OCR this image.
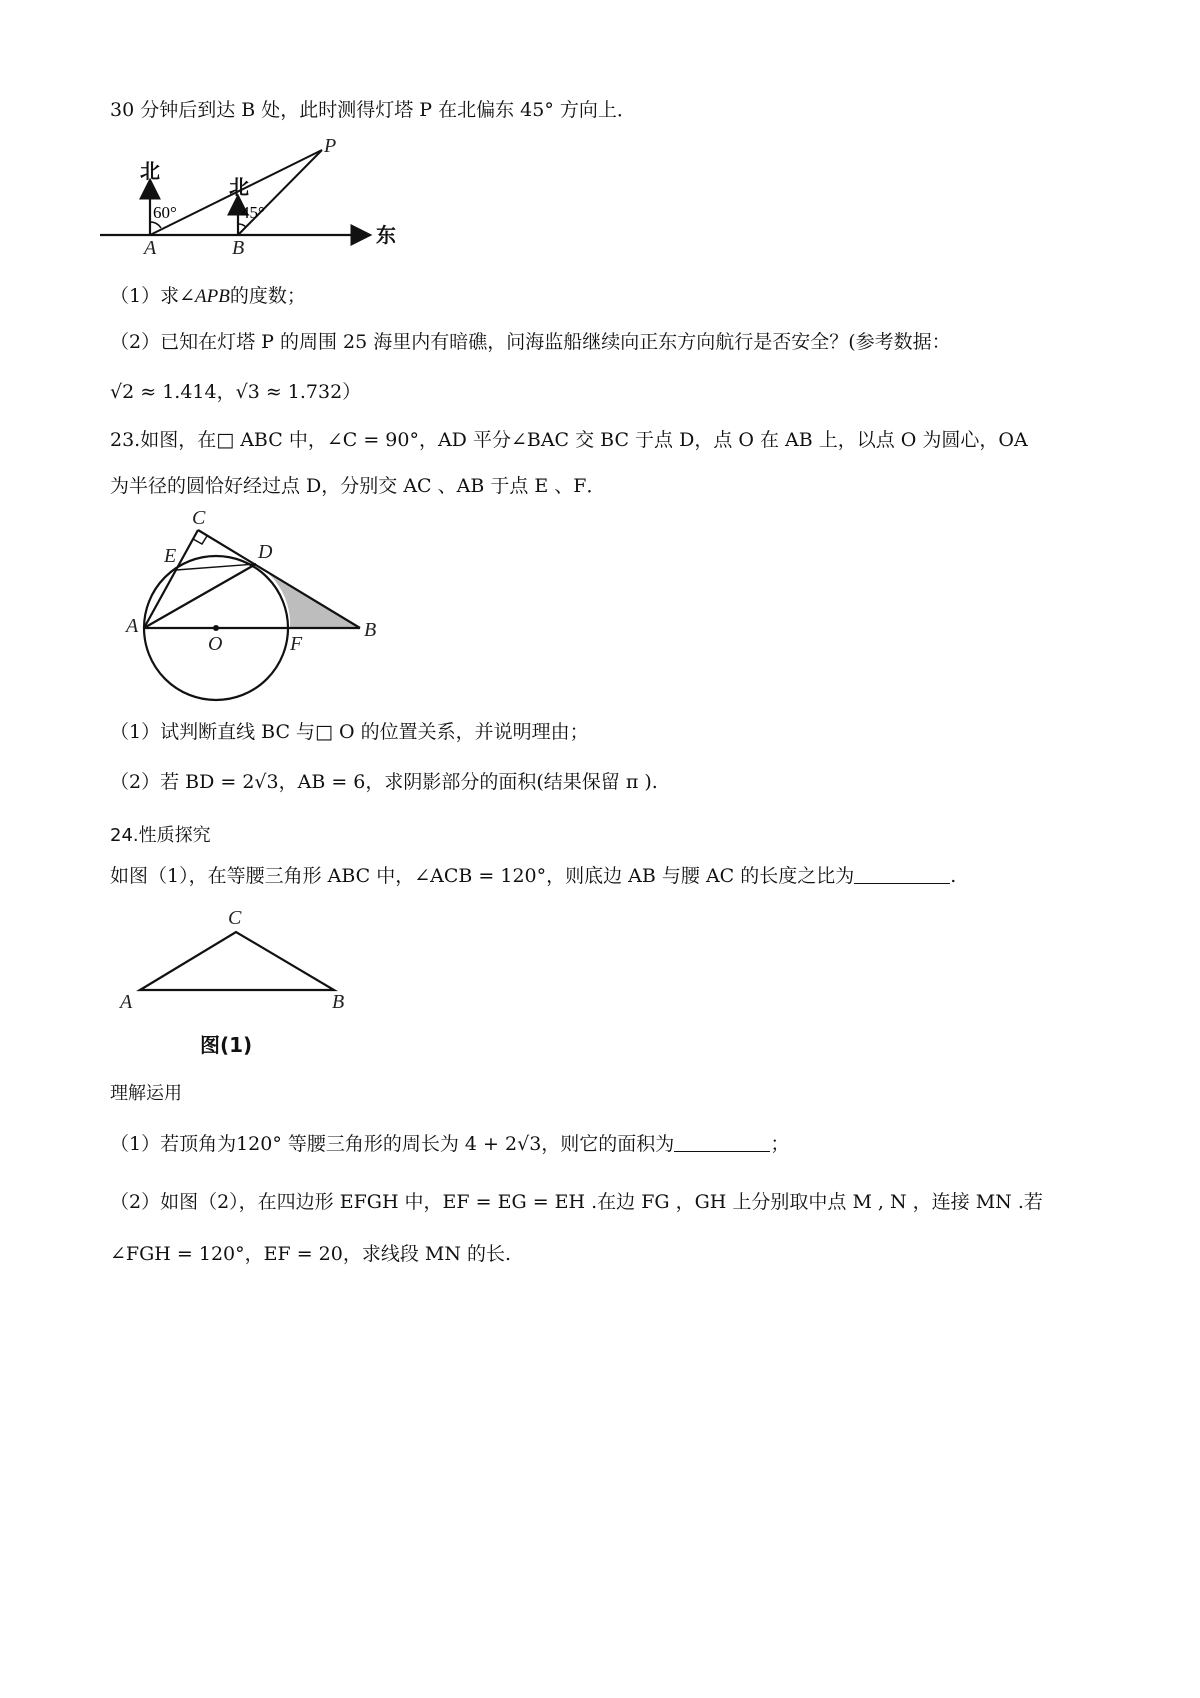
30 分钟后到达 B 处，此时测得灯塔 P 在北偏东 45° 方向上．
北
北
60°	45°
A	B
P
东
（1）求∠APB的度数；
（2）已知在灯塔 P 的周围 25 海里内有暗礁，问海监船继续向正东方向航行是否安全？(参考数据：
√2 ≈ 1.414，√3 ≈ 1.732）
23.如图，在□ ABC 中，∠C = 90°，AD 平分∠BAC 交 BC 于点 D，点 O 在 AB 上，以点 O 为圆心，OA
为半径的圆恰好经过点 D，分别交 AC 、AB 于点 E 、F．
C
E	D
A
O	F
B
（1）试判断直线 BC 与□ O 的位置关系，并说明理由；
（2）若 BD = 2√3，AB = 6，求阴影部分的面积(结果保留 π ).
24.性质探究
如图（1），在等腰三角形 ABC 中，∠ACB = 120°，则底边 AB 与腰 AC 的长度之比为	.
C
A	B
图(1)
理解运用
（1）若顶角为120° 等腰三角形的周长为 4 + 2√3，则它的面积为	；
（2）如图（2），在四边形 EFGH 中，EF = EG = EH .在边 FG ，GH 上分别取中点 M , N ，连接 MN .若
∠FGH = 120°，EF = 20，求线段 MN 的长.
